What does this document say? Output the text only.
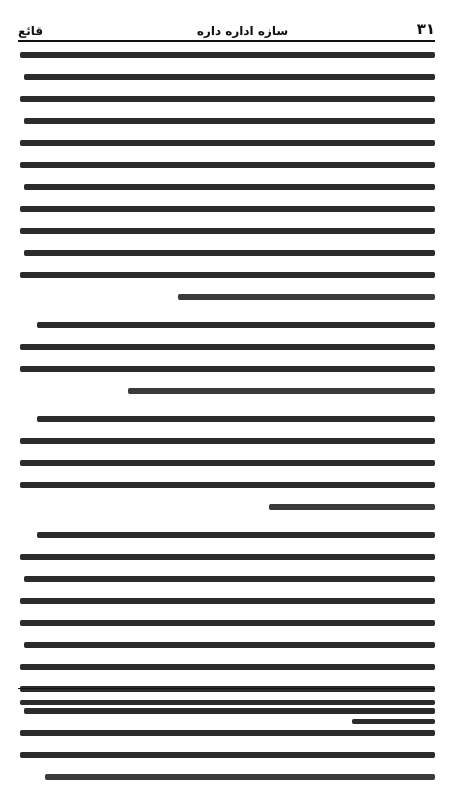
٣١
سازه اداره داره
قائع
